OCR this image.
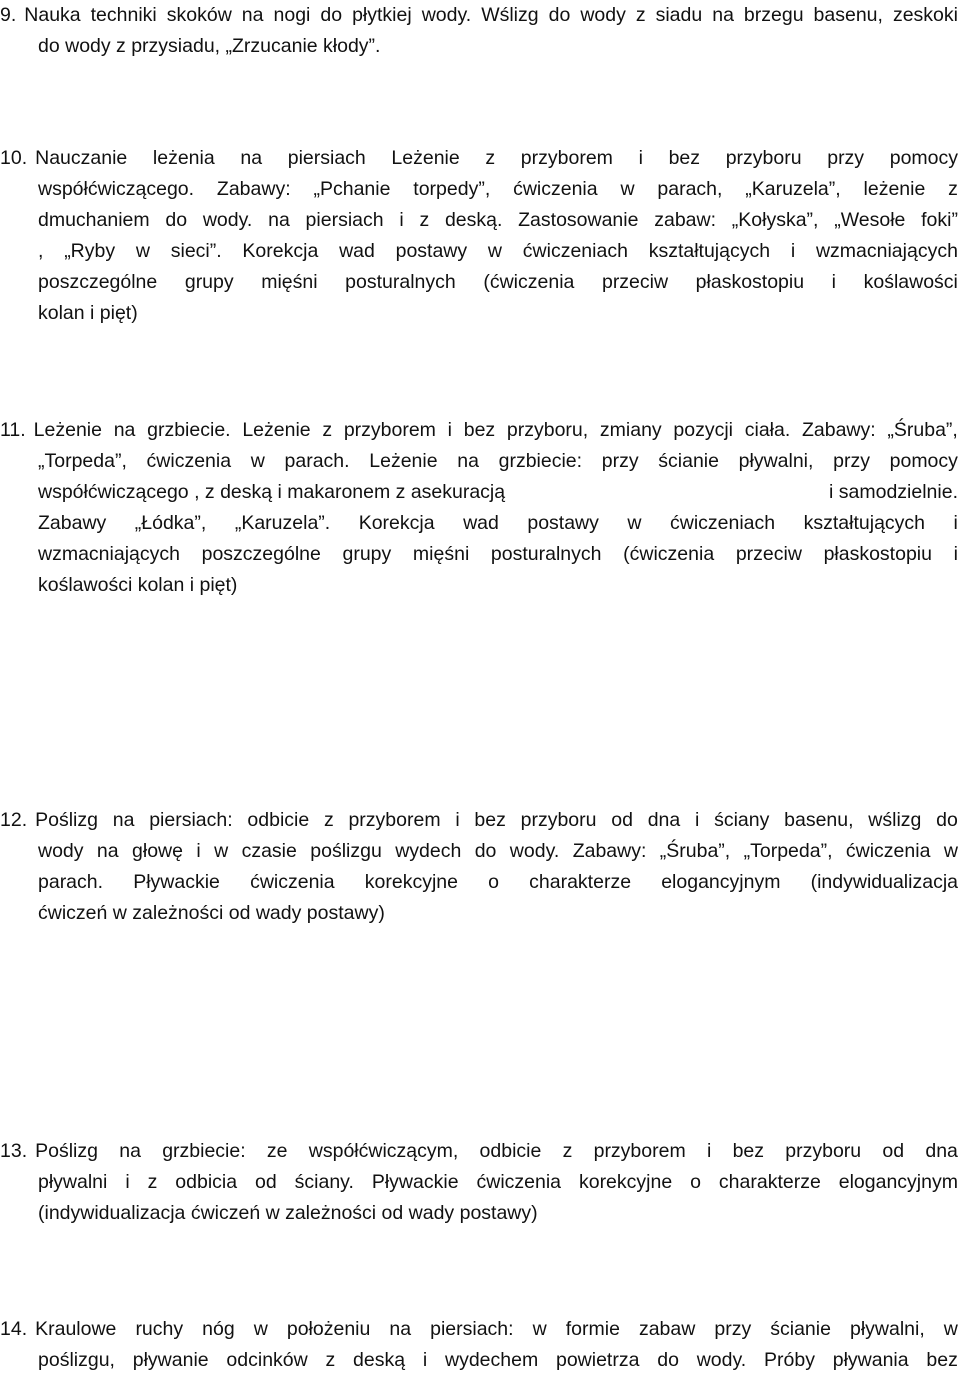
9. Nauka techniki skoków na nogi do płytkiej wody. Wślizg do wody z siadu na brzegu basenu, zeskoki
do wody z przysiadu, „Zrzucanie kłody”.
10. Nauczanie leżenia na piersiach Leżenie z przyborem i bez przyboru przy pomocy
współćwiczącego. Zabawy: „Pchanie torpedy”, ćwiczenia w parach, „Karuzela”, leżenie z
dmuchaniem do wody. na piersiach i z deską. Zastosowanie zabaw: „Kołyska”, „Wesołe foki”
, „Ryby w sieci”. Korekcja wad postawy w ćwiczeniach kształtujących i wzmacniających
poszczególne grupy mięśni posturalnych (ćwiczenia przeciw płaskostopiu i koślawości
kolan i pięt)
11. Leżenie na grzbiecie. Leżenie z przyborem i bez przyboru, zmiany pozycji ciała. Zabawy: „Śruba”,
„Torpeda”, ćwiczenia w parach. Leżenie na grzbiecie: przy ścianie pływalni, przy pomocy
współćwiczącego , z deską i makaronem z asekuracją	i samodzielnie.
Zabawy „Łódka”, „Karuzela”. Korekcja wad postawy w ćwiczeniach kształtujących i
wzmacniających poszczególne grupy mięśni posturalnych (ćwiczenia przeciw płaskostopiu i
koślawości kolan i pięt)
12. Poślizg na piersiach: odbicie z przyborem i bez przyboru od dna i ściany basenu, wślizg do
wody na głowę i w czasie poślizgu wydech do wody. Zabawy: „Śruba”, „Torpeda”, ćwiczenia w
parach. Pływackie ćwiczenia korekcyjne o charakterze elogancyjnym (indywidualizacja
ćwiczeń w zależności od wady postawy)
13. Poślizg na grzbiecie: ze współćwiczącym, odbicie z przyborem i bez przyboru od dna
pływalni i z odbicia od ściany. Pływackie ćwiczenia korekcyjne o charakterze elogancyjnym
(indywidualizacja ćwiczeń w zależności od wady postawy)
14. Kraulowe ruchy nóg w położeniu na piersiach: w formie zabaw przy ścianie pływalni, w
poślizgu, pływanie odcinków z deską i wydechem powietrza do wody. Próby pływania bez
